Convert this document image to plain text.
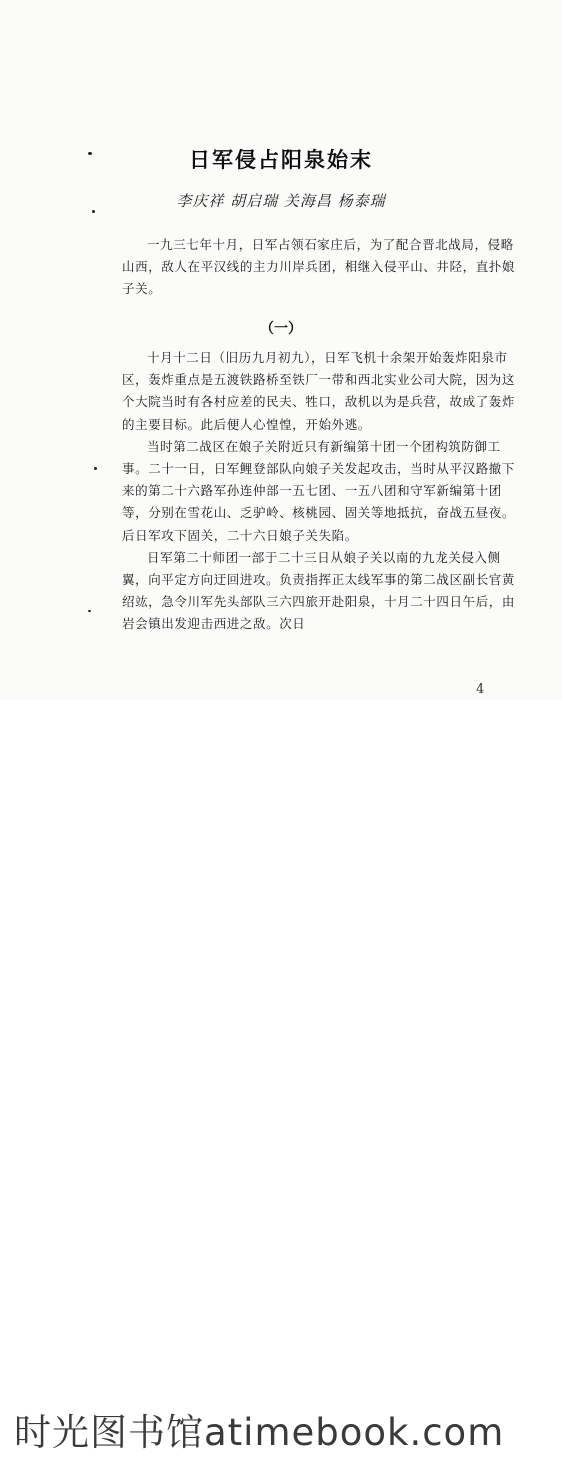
日军侵占阳泉始末
李庆祥 胡启瑞 关海昌 杨泰瑞

一九三七年十月，日军占领石家庄后，为了配合晋北战局，侵略山西，敌人在平汉线的主力川岸兵团，相继入侵平山、井陉，直扑娘子关。

（一）

十月十二日（旧历九月初九），日军飞机十余架开始轰炸阳泉市区，轰炸重点是五渡铁路桥至铁厂一带和西北实业公司大院，因为这个大院当时有各村应差的民夫、牲口，敌机以为是兵营，故成了轰炸的主要目标。此后便人心惶惶，开始外逃。

当时第二战区在娘子关附近只有新编第十团一个团构筑防御工事。二十一日，日军鲤登部队向娘子关发起攻击，当时从平汉路撤下来的第二十六路军孙连仲部一五七团、一五八团和守军新编第十团等，分别在雪花山、乏驴岭、核桃园、固关等地抵抗，奋战五昼夜。后日军攻下固关，二十六日娘子关失陷。

日军第二十师团一部于二十三日从娘子关以南的九龙关侵入侧翼，向平定方向迂回进攻。负责指挥正太线军事的第二战区副长官黄绍竑，急令川军先头部队三六四旅开赴阳泉，十月二十四日午后，由岩会镇出发迎击西进之敌。次日

4
时光图书馆atimebook.com
